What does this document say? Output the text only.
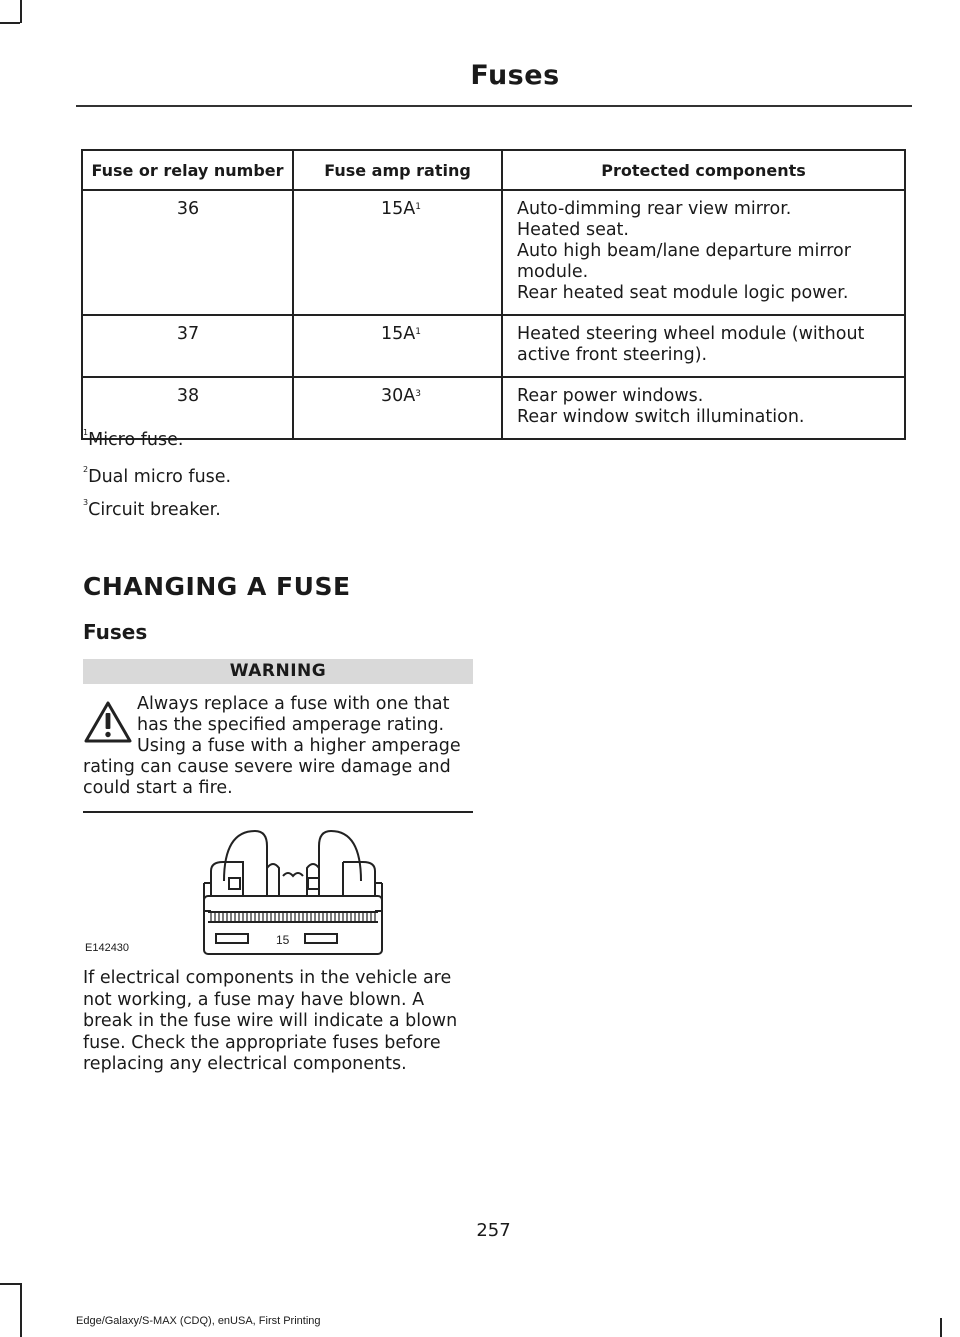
Fuses
Fuse or relay number	Fuse amp rating	Protected components
36	$15A^1$	Auto-dimming rear view mirror.
Heated seat.
Auto high beam/lane departure mirror module.
Rear heated seat module logic power.

37	$15A^1$	Heated steering wheel module (without active front steering).

38	$30A^3$	Rear power windows.
Rear window switch illumination.
$^1$Micro fuse.
$^2$Dual micro fuse.
$^3$Circuit breaker.
CHANGING A FUSE
Fuses
WARNING
Always replace a fuse with one that has the specified amperage rating. Using a fuse with a higher amperage rating can cause severe wire damage and could start a fire.
15
E142430
If electrical components in the vehicle are not working, a fuse may have blown. A break in the fuse wire will indicate a blown fuse. Check the appropriate fuses before replacing any electrical components.
257
Edge/Galaxy/S-MAX (CDQ), enUSA, First Printing
